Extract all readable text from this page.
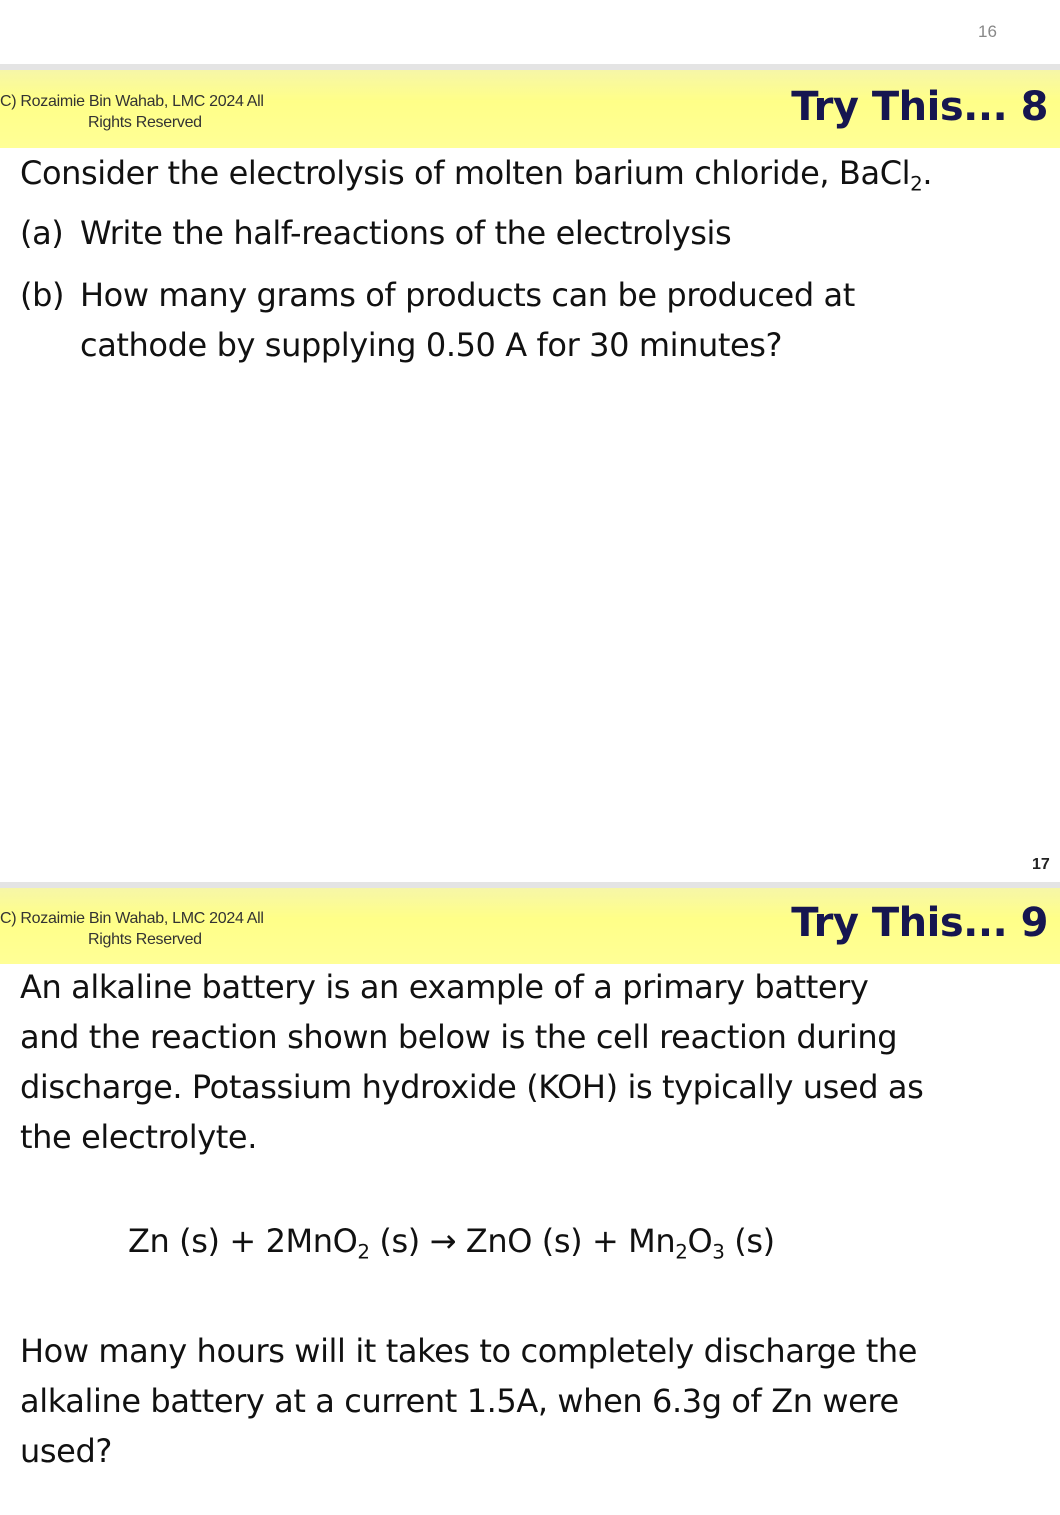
16
C) Rozaimie Bin Wahab, LMC 2024 All
Rights Reserved	Try This... 8
Consider the electrolysis of molten barium chloride, BaCl$_2$.
(a) Write the half-reactions of the electrolysis
(b) How many grams of products can be produced at
cathode by supplying 0.50 A for 30 minutes?
17
C) Rozaimie Bin Wahab, LMC 2024 All
Rights Reserved	Try This... 9
An alkaline battery is an example of a primary battery
and the reaction shown below is the cell reaction during
discharge. Potassium hydroxide (KOH) is typically used as
the electrolyte.
Zn (s) + 2MnO$_2$ (s) → ZnO $(s) + Mn_2O_3$ (s)
How many hours will it takes to completely discharge the
alkaline battery at a current 1.5A, when 6.3g of Zn were
used?
